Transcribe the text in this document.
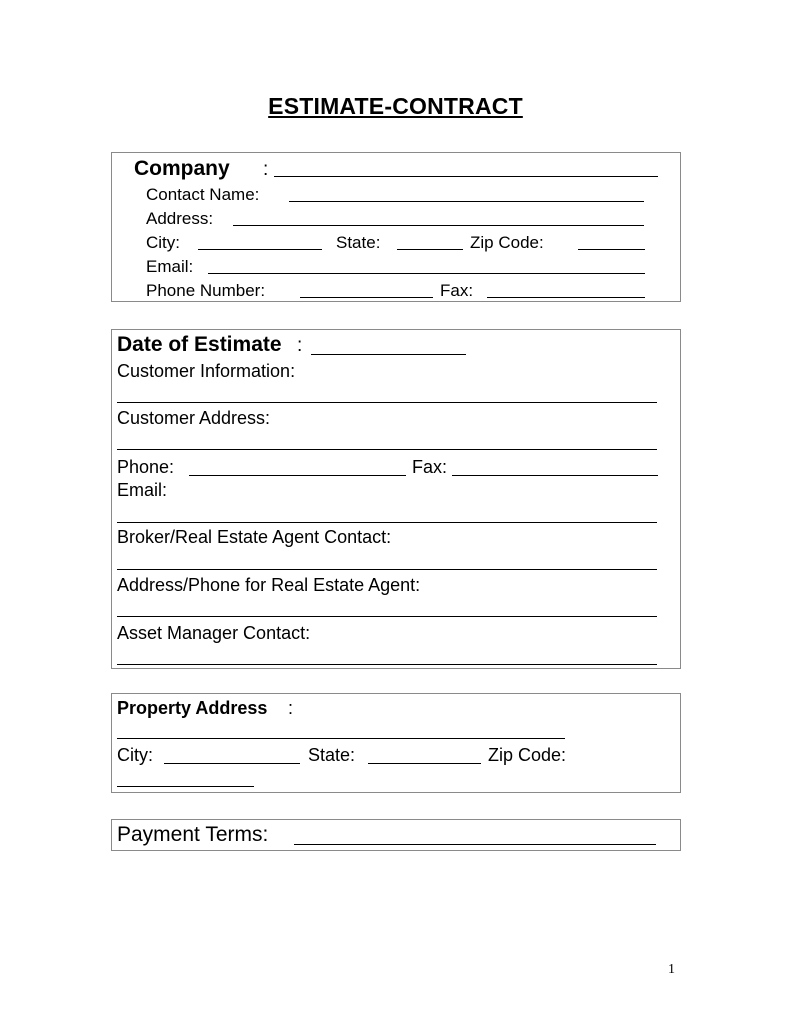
ESTIMATE-CONTRACT
Company :
Contact Name:
Address:
City:	State:	Zip Code:
Email:
Phone Number:	Fax:
Date of Estimate :
Customer Information:
Customer Address:
Phone:	Fax:
Email:
Broker/Real Estate Agent Contact:
Address/Phone for Real Estate Agent:
Asset Manager Contact:
Property Address :
City:	State:	Zip Code:
Payment Terms:
1
